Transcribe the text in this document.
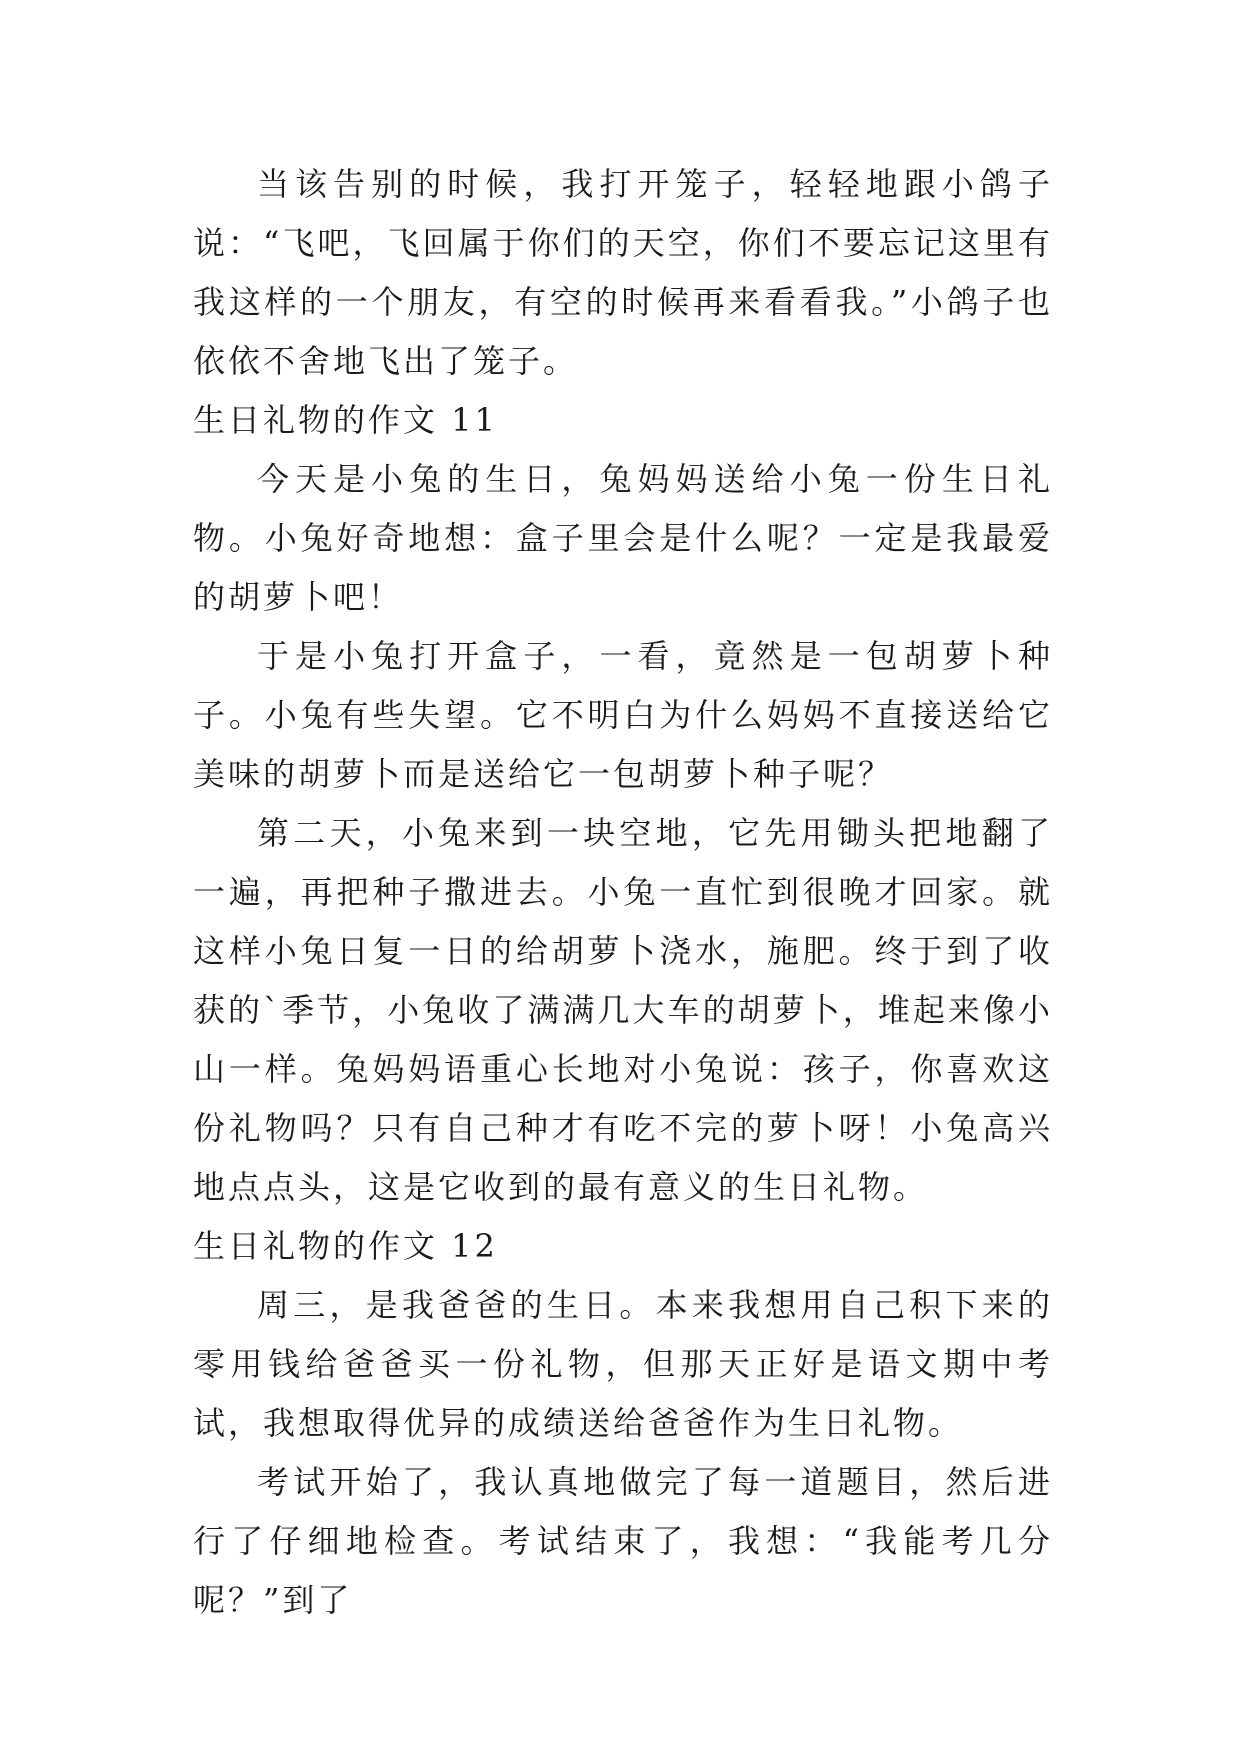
当该告别的时候，我打开笼子，轻轻地跟小鸽子说：“飞吧，飞回属于你们的天空，你们不要忘记这里有我这样的一个朋友，有空的时候再来看看我。”小鸽子也依依不舍地飞出了笼子。

生日礼物的作文 11

今天是小兔的生日，兔妈妈送给小兔一份生日礼物。小兔好奇地想：盒子里会是什么呢？一定是我最爱的胡萝卜吧！

于是小兔打开盒子，一看，竟然是一包胡萝卜种子。小兔有些失望。它不明白为什么妈妈不直接送给它美味的胡萝卜而是送给它一包胡萝卜种子呢？

第二天，小兔来到一块空地，它先用锄头把地翻了一遍，再把种子撒进去。小兔一直忙到很晚才回家。就这样小兔日复一日的给胡萝卜浇水，施肥。终于到了收获的`季节，小兔收了满满几大车的胡萝卜，堆起来像小山一样。兔妈妈语重心长地对小兔说：孩子，你喜欢这份礼物吗？只有自己种才有吃不完的萝卜呀！小兔高兴地点点头，这是它收到的最有意义的生日礼物。

生日礼物的作文 12

周三，是我爸爸的生日。本来我想用自己积下来的零用钱给爸爸买一份礼物，但那天正好是语文期中考试，我想取得优异的成绩送给爸爸作为生日礼物。

考试开始了，我认真地做完了每一道题目，然后进行了仔细地检查。考试结束了，我想：“我能考几分呢？”到了
